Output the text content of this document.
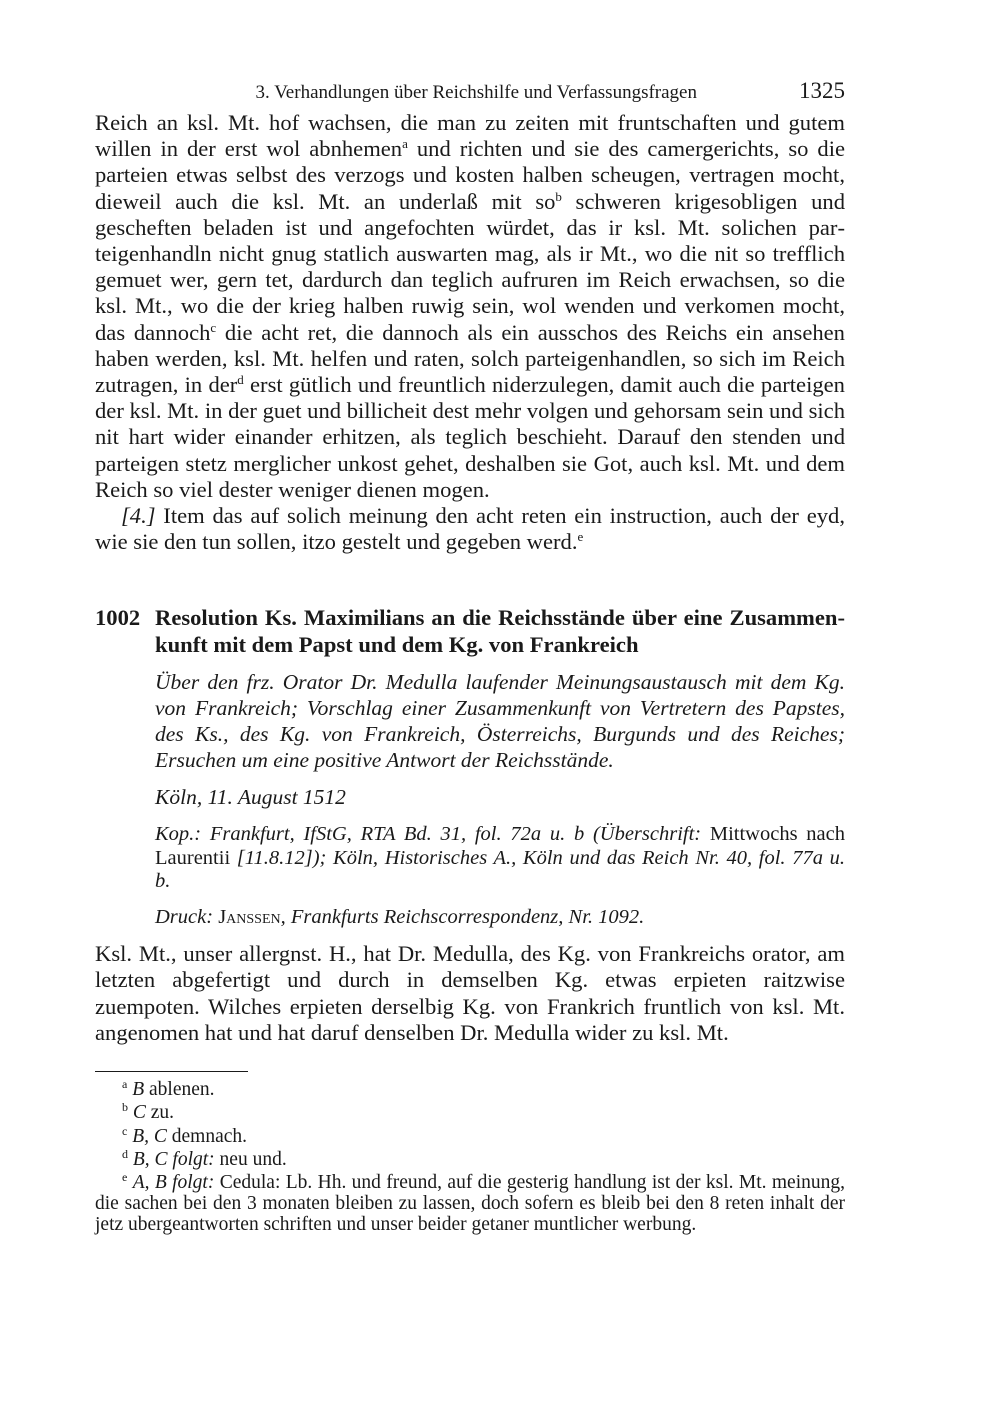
3. Verhandlungen über Reichshilfe und Verfassungsfragen	1325

Reich an ksl. Mt. hof wachsen, die man zu zeiten mit fruntschaften und gutem willen in der erst wol abnhemen$^a$ und richten und sie des camergerichts, so die parteien etwas selbst des verzogs und kosten halben scheugen, vertragen mocht, dieweil auch die ksl. Mt. an underlaß mit $so^b$ schweren krigesobligen und gescheften beladen ist und angefochten würdet, das ir ksl. Mt. solichen parteigenhandln nicht gnug statlich auswarten mag, als ir Mt., wo die nit so trefflich gemuet wer, gern tet, dardurch dan teglich aufruren im Reich erwachsen, so die ksl. Mt., wo die der krieg halben ruwig sein, wol wenden und verkomen mocht, das dannoch$^c$ die acht ret, die dannoch als ein ausschos des Reichs ein ansehen haben werden, ksl. Mt. helfen und raten, solch parteigenhandlen, so sich im Reich zutragen, in der$^d$ erst gütlich und freuntlich niderzulegen, damit auch die parteigen der ksl. Mt. in der guet und billicheit dest mehr volgen und gehorsam sein und sich nit hart wider einander erhitzen, als teglich beschieht. Darauf den stenden und parteigen stetz merglicher unkost gehet, deshalben sie Got, auch ksl. Mt. und dem Reich so viel dester weniger dienen mogen.

[4.] Item das auf solich meinung den acht reten ein instruction, auch der eyd, wie sie den tun sollen, itzo gestelt und gegeben werd.$^e$

1002 Resolution Ks. Maximilians an die Reichsstände über eine Zusammenkunft mit dem Papst und dem Kg. von Frankreich

Über den frz. Orator Dr. Medulla laufender Meinungsaustausch mit dem Kg. von Frankreich; Vorschlag einer Zusammenkunft von Vertretern des Papstes, des Ks., des Kg. von Frankreich, Österreichs, Burgunds und des Reiches; Ersuchen um eine positive Antwort der Reichsstände.

Köln, 11. August 1512

Kop.: Frankfurt, IfStG, RTA Bd. 31, fol. 72a u. b (Überschrift: Mittwochs nach Laurentii [11.8.12]); Köln, Historisches A., Köln und das Reich Nr. 40, fol. 77a u. b.

Druck: Janssen, Frankfurts Reichscorrespondenz, Nr. 1092.

Ksl. Mt., unser allergnst. H., hat Dr. Medulla, des Kg. von Frankreichs orator, am letzten abgefertigt und durch in demselben Kg. etwas erpieten raitzwise zuempoten. Wilches erpieten derselbig Kg. von Frankrich fruntlich von ksl. Mt. angenomen hat und hat daruf denselben Dr. Medulla wider zu ksl. Mt.

$^a$ B ablenen.

$^b$ C zu.

$^c$ B, C demnach.

$^d$ B, C folgt: neu und.

$^e$ A, B folgt: Cedula: Lb. Hh. und freund, auf die gesterig handlung ist der ksl. Mt. meinung, die sachen bei den 3 monaten bleiben zu lassen, doch sofern es bleib bei den 8 reten inhalt der jetz ubergeantworten schriften und unser beider getaner muntlicher werbung.
